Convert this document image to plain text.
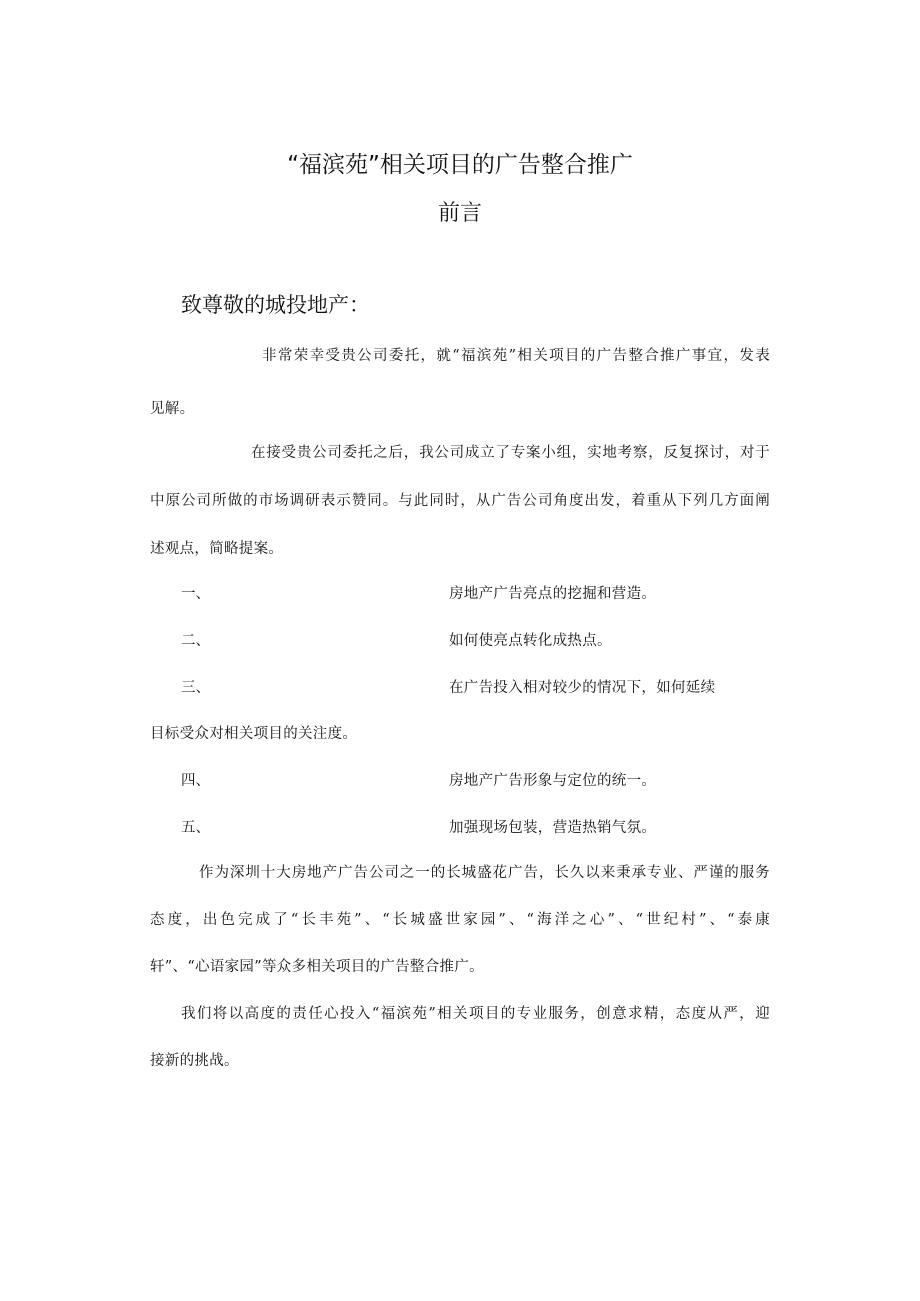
“福滨苑”相关项目的广告整合推广
前言
致尊敬的城投地产：
非常荣幸受贵公司委托，就“福滨苑”相关项目的广告整合推广事宜，发表
见解。
在接受贵公司委托之后，我公司成立了专案小组，实地考察，反复探讨，对于
中原公司所做的市场调研表示赞同。与此同时，从广告公司角度出发，着重从下列几方面阐
述观点，简略提案。
一、	房地产广告亮点的挖掘和营造。
二、	如何使亮点转化成热点。
三、	在广告投入相对较少的情况下，如何延续
目标受众对相关项目的关注度。
四、	房地产广告形象与定位的统一。
五、	加强现场包装，营造热销气氛。
作为深圳十大房地产广告公司之一的长城盛花广告，长久以来秉承专业、严谨的服务
态度，出色完成了“长丰苑”、“长城盛世家园”、“海洋之心”、“世纪村”、“泰康
轩”、“心语家园”等众多相关项目的广告整合推广。
我们将以高度的责任心投入“福滨苑”相关项目的专业服务，创意求精，态度从严，迎
接新的挑战。
